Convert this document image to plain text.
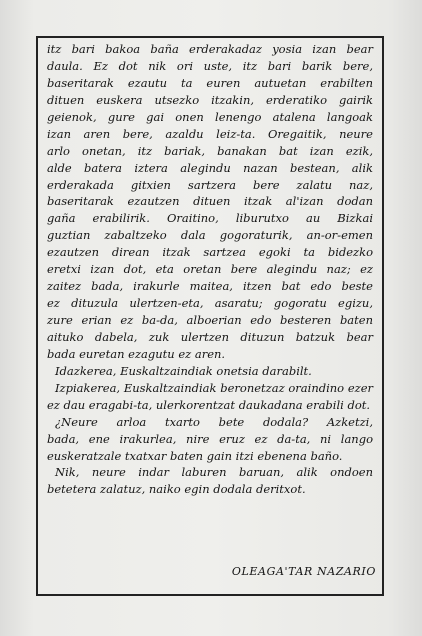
itz bari bakoa baña erderakadaz yosia izan bear
daula. Ez dot nik ori uste, itz bari barik bere,
baseritarak ezautu ta euren autuetan erabilten
dituen euskera utsezko itzakin, erderatiko gairik
geienok, gure gai onen lenengo atalena langoak
izan aren bere, azaldu leiz-ta. Oregaitik, neure
arlo onetan, itz bariak, banakan bat izan ezik,
alde batera iztera alegindu nazan bestean, alik
erderakada gitxien sartzera bere zalatu naz,
baseritarak ezautzen dituen itzak al'izan dodan
gaña erabilirik. Oraitino, liburutxo au Bizkai
guztian zabaltzeko dala gogoraturik, an-or-emen
ezautzen direan itzak sartzea egoki ta bidezko
eretxi izan dot, eta oretan bere alegindu naz; ez
zaitez bada, irakurle maitea, itzen bat edo beste
ez dituzula ulertzen-eta, asaratu; gogoratu egizu,
zure erian ez ba-da, alboerian edo besteren baten
aituko dabela, zuk ulertzen dituzun batzuk bear
bada euretan ezagutu ez aren.

Idazkerea, Euskaltzaindiak onetsia darabilt.

Izpiakerea, Euskaltzaindiak beronetzaz oraindino ezer ez dau eragabi-ta, ulerkorentzat daukadana erabili dot.

¿Neure arloa txarto bete dodala? Azketzi,
bada, ene irakurlea, nire eruz ez da-ta, ni lango
euskeratzale txatxar baten gain itzi ebenena baño.

Nik, neure indar laburen baruan, alik ondoen
betetera zalatuz, naiko egin dodala deritxot.

OLEAGA'TAR NAZARIO
